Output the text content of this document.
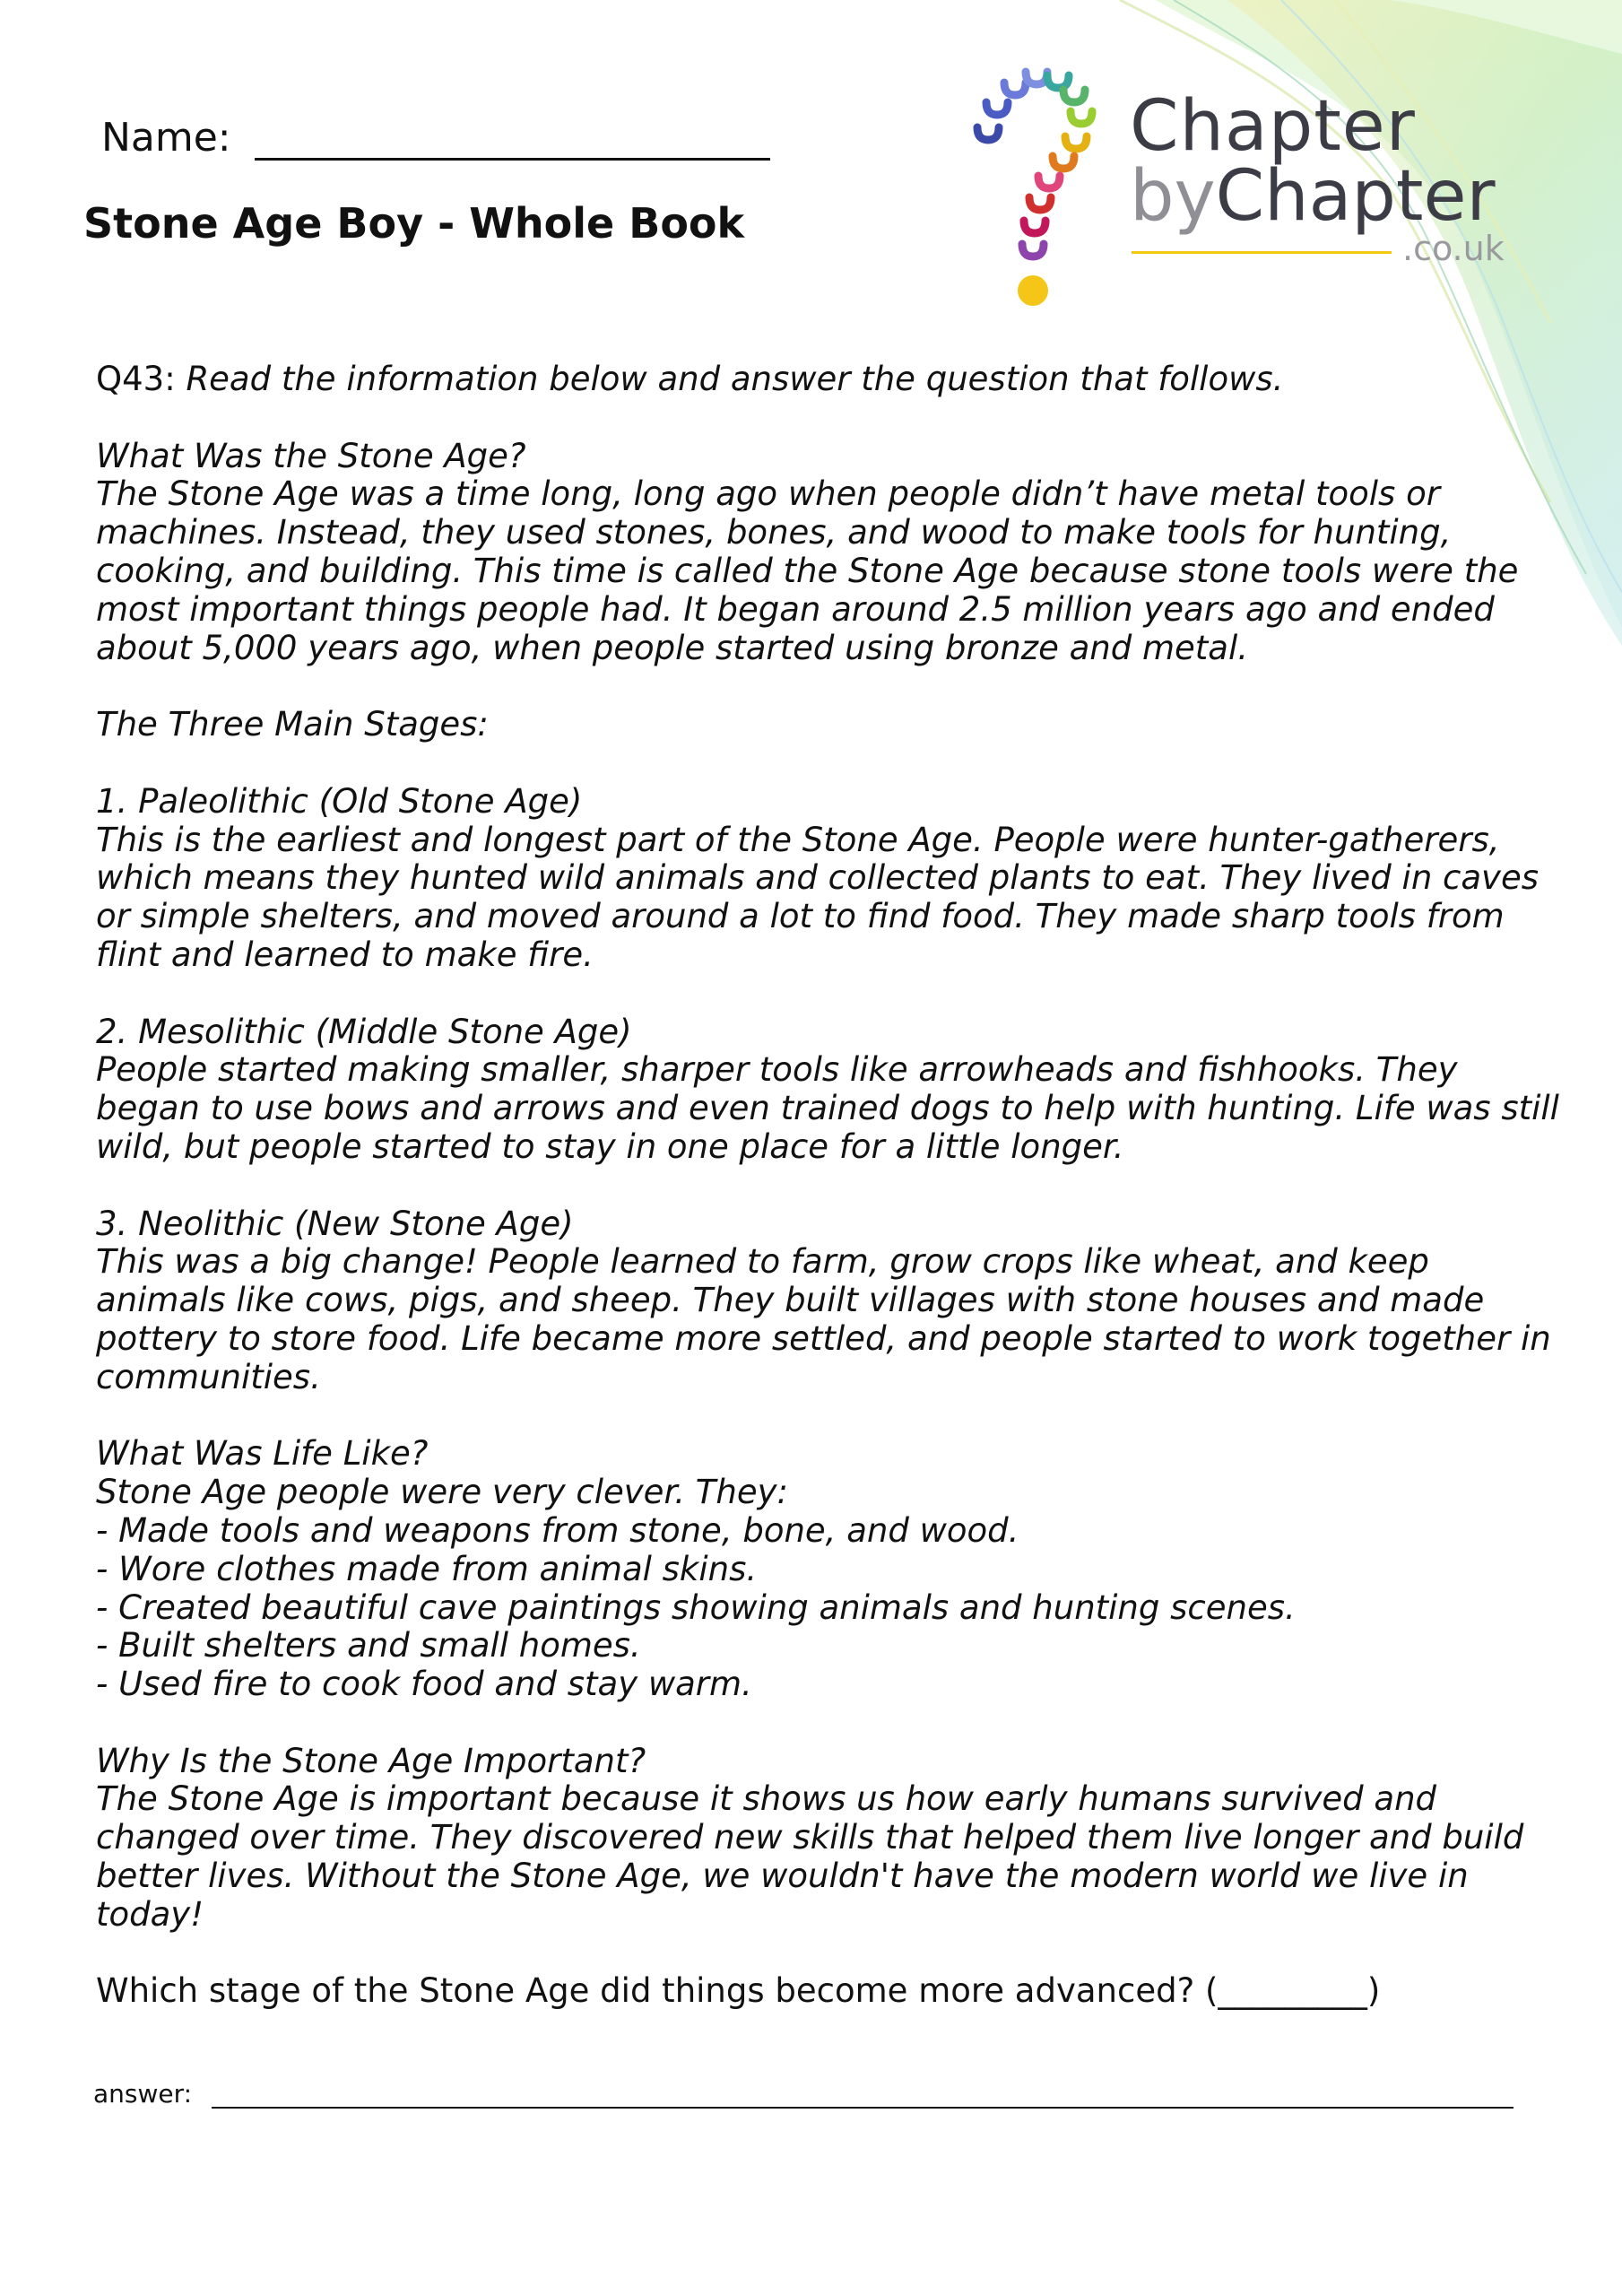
Name:
Stone Age Boy - Whole Book
Chapter
byChapter
.co.uk

Q43: Read the information below and answer the question that follows.

What Was the Stone Age?
The Stone Age was a time long, long ago when people didn’t have metal tools or machines. Instead, they used stones, bones, and wood to make tools for hunting, cooking, and building. This time is called the Stone Age because stone tools were the most important things people had. It began around 2.5 million years ago and ended about 5,000 years ago, when people started using bronze and metal.

The Three Main Stages:

1. Paleolithic (Old Stone Age)
This is the earliest and longest part of the Stone Age. People were hunter-gatherers, which means they hunted wild animals and collected plants to eat. They lived in caves or simple shelters, and moved around a lot to find food. They made sharp tools from flint and learned to make fire.

2. Mesolithic (Middle Stone Age)
People started making smaller, sharper tools like arrowheads and fishhooks. They began to use bows and arrows and even trained dogs to help with hunting. Life was still wild, but people started to stay in one place for a little longer.

3. Neolithic (New Stone Age)
This was a big change! People learned to farm, grow crops like wheat, and keep animals like cows, pigs, and sheep. They built villages with stone houses and made pottery to store food. Life became more settled, and people started to work together in communities.

What Was Life Like?
Stone Age people were very clever. They:
- Made tools and weapons from stone, bone, and wood.
- Wore clothes made from animal skins.
- Created beautiful cave paintings showing animals and hunting scenes.
- Built shelters and small homes.
- Used fire to cook food and stay warm.

Why Is the Stone Age Important?
The Stone Age is important because it shows us how early humans survived and changed over time. They discovered new skills that helped them live longer and build better lives. Without the Stone Age, we wouldn't have the modern world we live in today!

Which stage of the Stone Age did things become more advanced? (_________)

answer:
